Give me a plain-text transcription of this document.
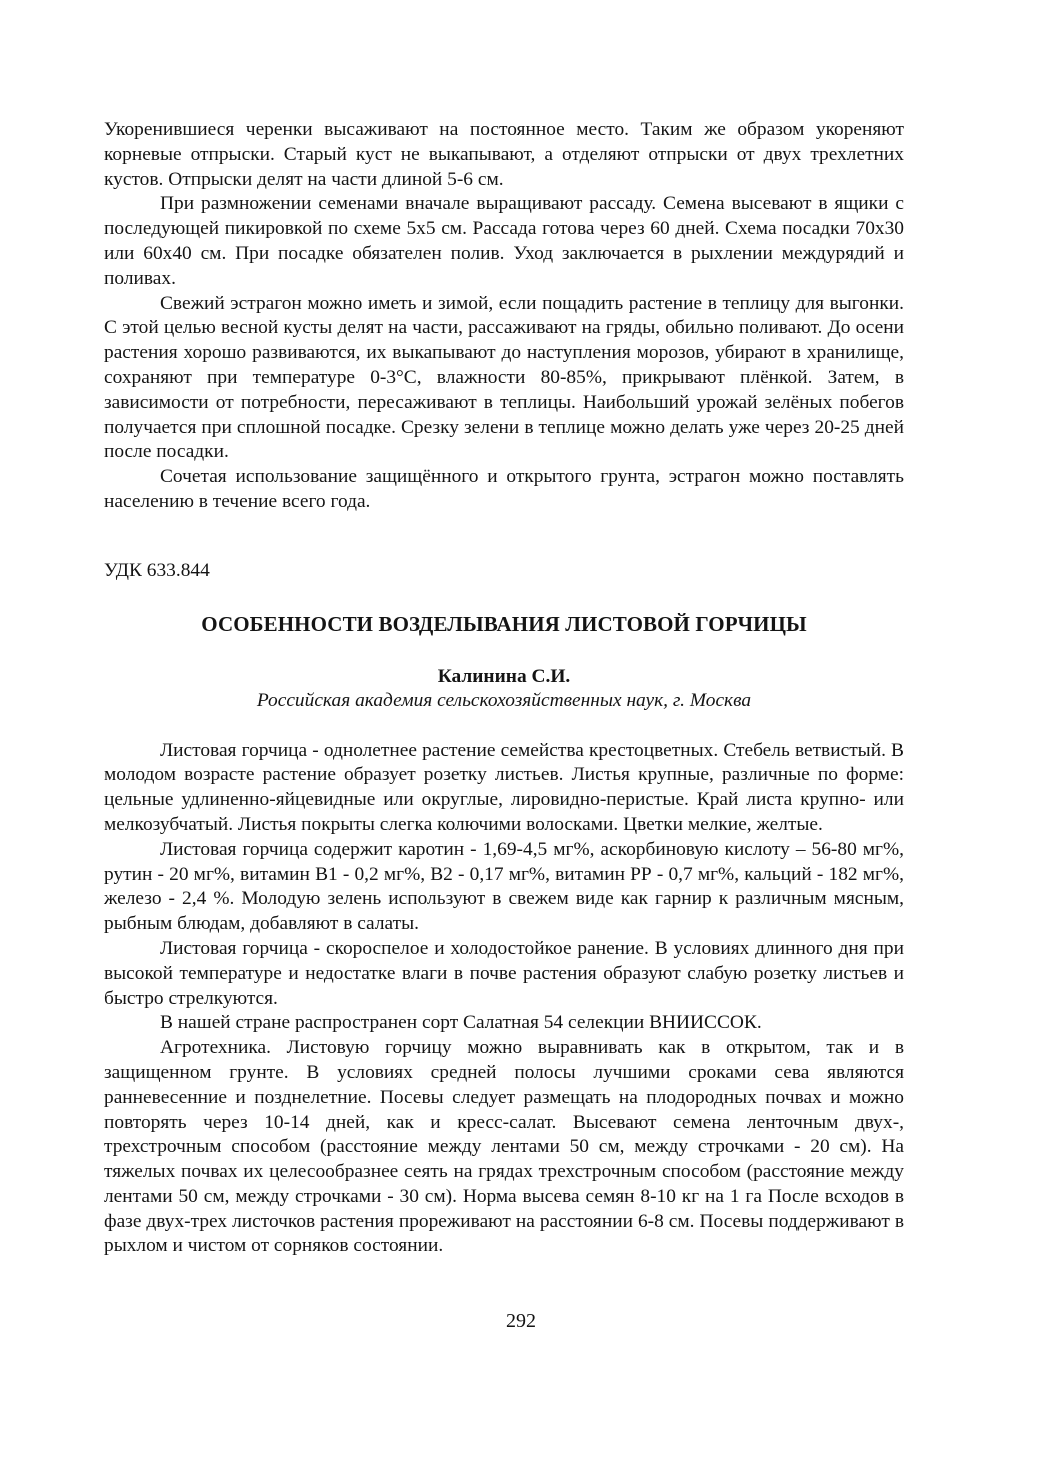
Укоренившиеся черенки высаживают на постоянное место. Таким же образом укореняют корневые отпрыски. Старый куст не выкапывают, а отделяют отпрыски от двух трехлетних кустов. Отпрыски делят на части длиной 5-6 см.

При размножении семенами вначале выращивают рассаду. Семена высевают в ящики с последующей пикировкой по схеме 5х5 см. Рассада готова через 60 дней. Схема посадки 70х30 или 60х40 см. При посадке обязателен полив. Уход заключается в рыхлении междурядий и поливах.

Свежий эстрагон можно иметь и зимой, если пощадить растение в теплицу для выгонки. С этой целью весной кусты делят на части, рассаживают на гряды, обильно поливают. До осени растения хорошо развиваются, их выкапывают до наступления морозов, убирают в хранилище, сохраняют при температуре 0-3°С, влажности 80-85%, прикрывают плёнкой. Затем, в зависимости от потребности, пересаживают в теплицы. Наибольший урожай зелёных побегов получается при сплошной посадке. Срезку зелени в теплице можно делать уже через 20-25 дней после посадки.

Сочетая использование защищённого и открытого грунта, эстрагон можно поставлять населению в течение всего года.

УДК 633.844

ОСОБЕННОСТИ ВОЗДЕЛЫВАНИЯ ЛИСТОВОЙ ГОРЧИЦЫ

Калинина С.И.

Российская академия сельскохозяйственных наук, г. Москва

Листовая горчица - однолетнее растение семейства крестоцветных. Стебель ветвистый. В молодом возрасте растение образует розетку листьев. Листья крупные, различные по форме: цельные удлиненно-яйцевидные или округлые, лировидно-перистые. Край листа крупно- или мелкозубчатый. Листья покрыты слегка колючими волосками. Цветки мелкие, желтые.

Листовая горчица содержит каротин - 1,69-4,5 мг%, аскорбиновую кислоту – 56-80 мг%, рутин - 20 мг%, витамин В1 - 0,2 мг%, В2 - 0,17 мг%, витамин РР - 0,7 мг%, кальций - 182 мг%, железо - 2,4 %. Молодую зелень используют в свежем виде как гарнир к различным мясным, рыбным блюдам, добавляют в салаты.

Листовая горчица - скороспелое и холодостойкое ранение. В условиях длинного дня при высокой температуре и недостатке влаги в почве растения образуют слабую розетку листьев и быстро стрелкуются.

В нашей стране распространен сорт Салатная 54 селекции ВНИИССОК.

Агротехника. Листовую горчицу можно выравнивать как в открытом, так и в защищенном грунте. В условиях средней полосы лучшими сроками сева являются ранневесенние и позднелетние. Посевы следует размещать на плодородных почвах и можно повторять через 10-14 дней, как и кресс-салат. Высевают семена ленточным двух-, трехстрочным способом (расстояние между лентами 50 см, между строчками - 20 см). На тяжелых почвах их целесообразнее сеять на грядах трехстрочным способом (расстояние между лентами 50 см, между строчками - 30 см). Норма высева семян 8-10 кг на 1 га После всходов в фазе двух-трех листочков растения прореживают на расстоянии 6-8 см. Посевы поддерживают в рыхлом и чистом от сорняков состоянии.

292
